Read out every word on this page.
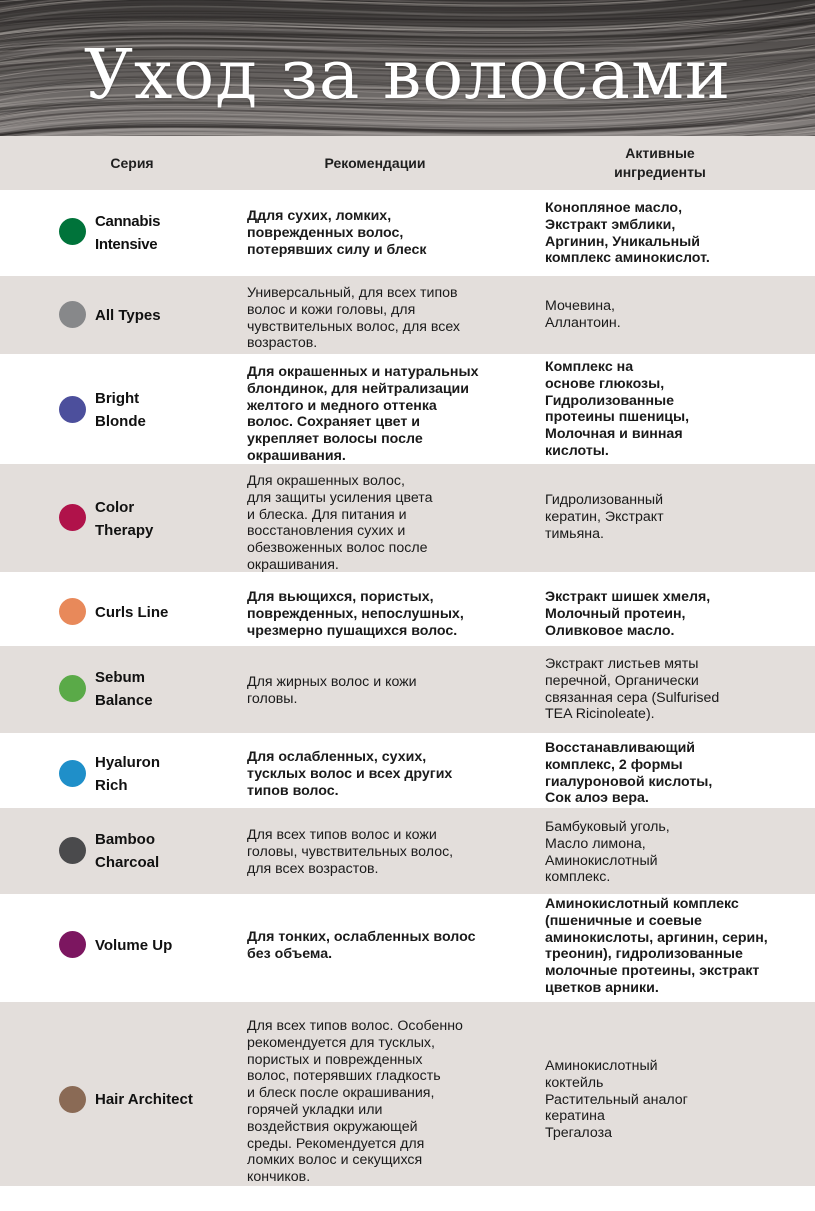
Уход за волосами
Серия	Рекомендации
Активные
ингредиенты
Cannabis
Intensive
Ддля сухих, ломких,
поврежденных волос,
потерявших силу и блеск
Конопляное масло,
Экстракт эмблики,
Аргинин, Уникальный
комплекс аминокислот.
All Types
Универсальный, для всех типов
волос и кожи головы, для
чувствительных волос, для всех
возрастов.
Мочевина,
Аллантоин.
Bright
Blonde
Для окрашенных и натуральных
блондинок, для нейтрализации
желтого и медного оттенка
волос. Сохраняет цвет и
укрепляет волосы после
окрашивания.
Комплекс на
основе глюкозы,
Гидролизованные
протеины пшеницы,
Молочная и винная
кислоты.
Color
Therapy
Для окрашенных волос,
для защиты усиления цвета
и блеска. Для питания и
восстановления сухих и
обезвоженных волос после
окрашивания.
Гидролизованный
кератин, Экстракт
тимьяна.
Curls Line
Для вьющихся, пористых,
поврежденных, непослушных,
чрезмерно пушащихся волос.
Экстракт шишек хмеля,
Молочный протеин,
Оливковое масло.
Sebum
Balance
Для жирных волос и кожи
головы.
Экстракт листьев мяты
перечной, Органически
связанная сера (Sulfurised
TEA Ricinoleate).
Hyaluron
Rich
Для ослабленных, сухих,
тусклых волос и всех других
типов волос.
Восстанавливающий
комплекс, 2 формы
гиалуроновой кислоты,
Сок алоэ вера.
Bamboo
Charcoal
Для всех типов волос и кожи
головы, чувствительных волос,
для всех возрастов.
Бамбуковый уголь,
Масло лимона,
Аминокислотный
комплекс.
Volume Up	Для тонких, ослабленных волос
без объема.
Аминокислотный комплекс
(пшеничные и соевые
аминокислоты, аргинин, серин,
треонин), гидролизованные
молочные протеины, экстракт
цветков арники.
Hair Architect
Для всех типов волос. Особенно
рекомендуется для тусклых,
пористых и поврежденных
волос, потерявших гладкость
и блеск после окрашивания,
горячей укладки или
воздействия окружающей
среды. Рекомендуется для
ломких волос и секущихся
кончиков.
Аминокислотный
коктейль
Растительный аналог
кератина
Трегалоза
